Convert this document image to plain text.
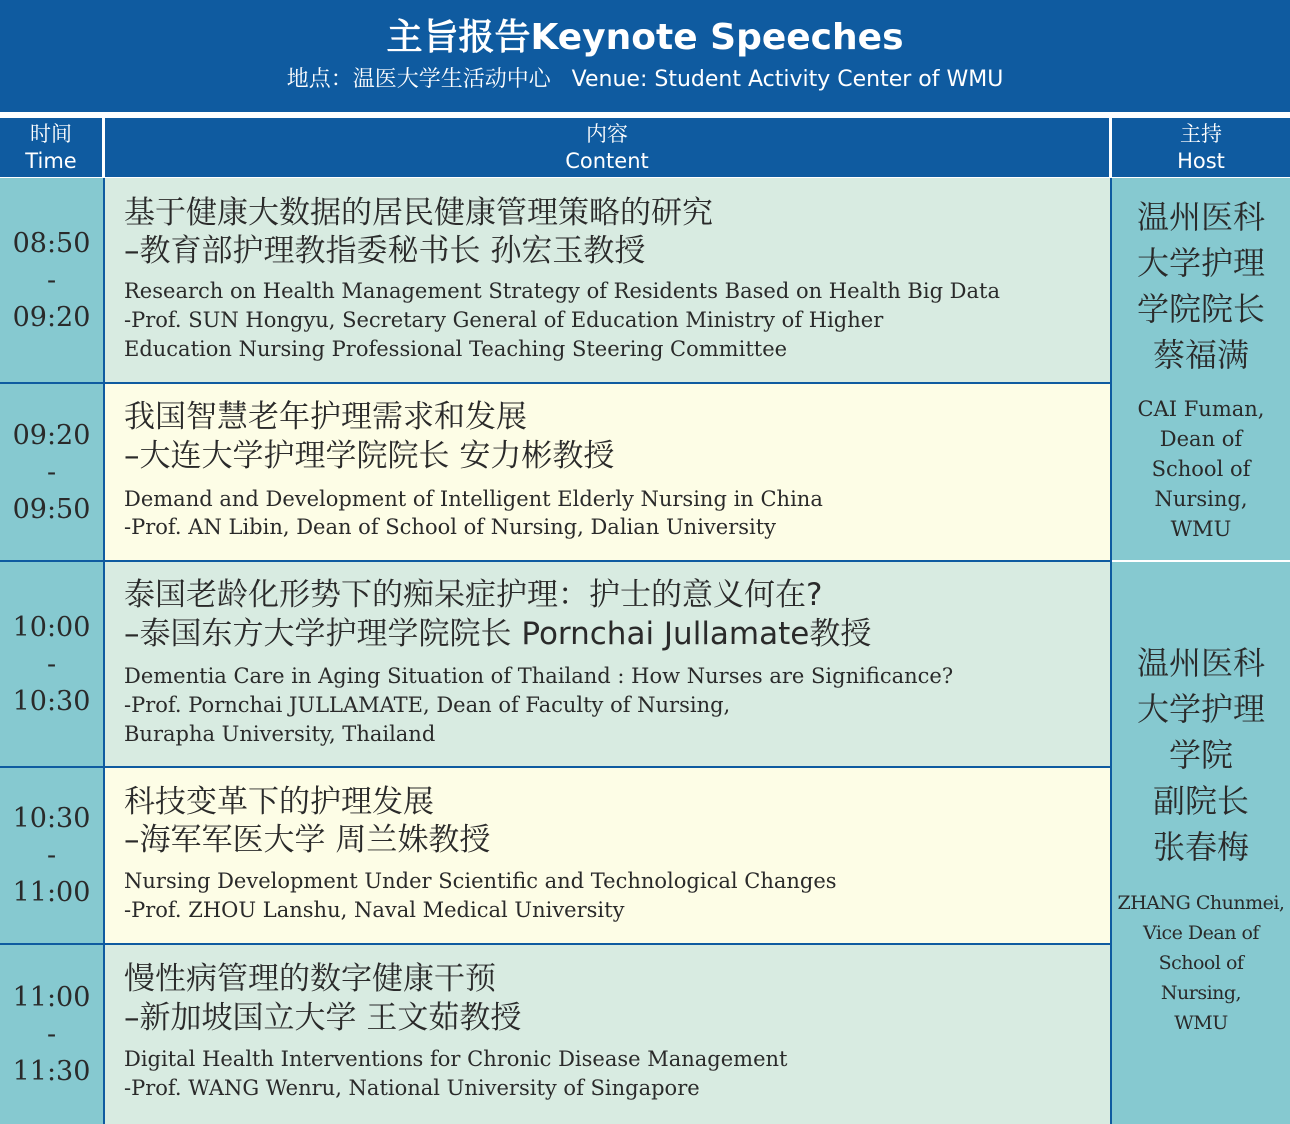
主旨报告Keynote Speeches
地点：温医大学生活动中心   Venue: Student Activity Center of WMU
时间
Time
内容
Content
主持
Host
08:50
-
09:20
09:20
-
09:50
10:00
-
10:30
10:30
-
11:00
11:00
-
11:30
基于健康大数据的居民健康管理策略的研究
–教育部护理教指委秘书长 孙宏玉教授
Research on Health Management Strategy of Residents Based on Health Big Data
-Prof. SUN Hongyu, Secretary General of Education Ministry of Higher
Education Nursing Professional Teaching Steering Committee
我国智慧老年护理需求和发展
–大连大学护理学院院长 安力彬教授
Demand and Development of Intelligent Elderly Nursing in China
-Prof. AN Libin, Dean of School of Nursing, Dalian University
泰国老龄化形势下的痴呆症护理：护士的意义何在?
–泰国东方大学护理学院院长 Pornchai Jullamate教授
Dementia Care in Aging Situation of Thailand : How Nurses are Significance?
-Prof. Pornchai JULLAMATE, Dean of Faculty of Nursing,
Burapha University, Thailand
科技变革下的护理发展
–海军军医大学 周兰姝教授
Nursing Development Under Scientific and Technological Changes
-Prof. ZHOU Lanshu, Naval Medical University
慢性病管理的数字健康干预
–新加坡国立大学 王文茹教授
Digital Health Interventions for Chronic Disease Management
-Prof. WANG Wenru, National University of Singapore
温州医科
大学护理
学院院长
蔡福满
CAI Fuman,
Dean of
School of
Nursing,
WMU
温州医科
大学护理
学院
副院长
张春梅
ZHANG Chunmei,
Vice Dean of
School of
Nursing,
WMU
